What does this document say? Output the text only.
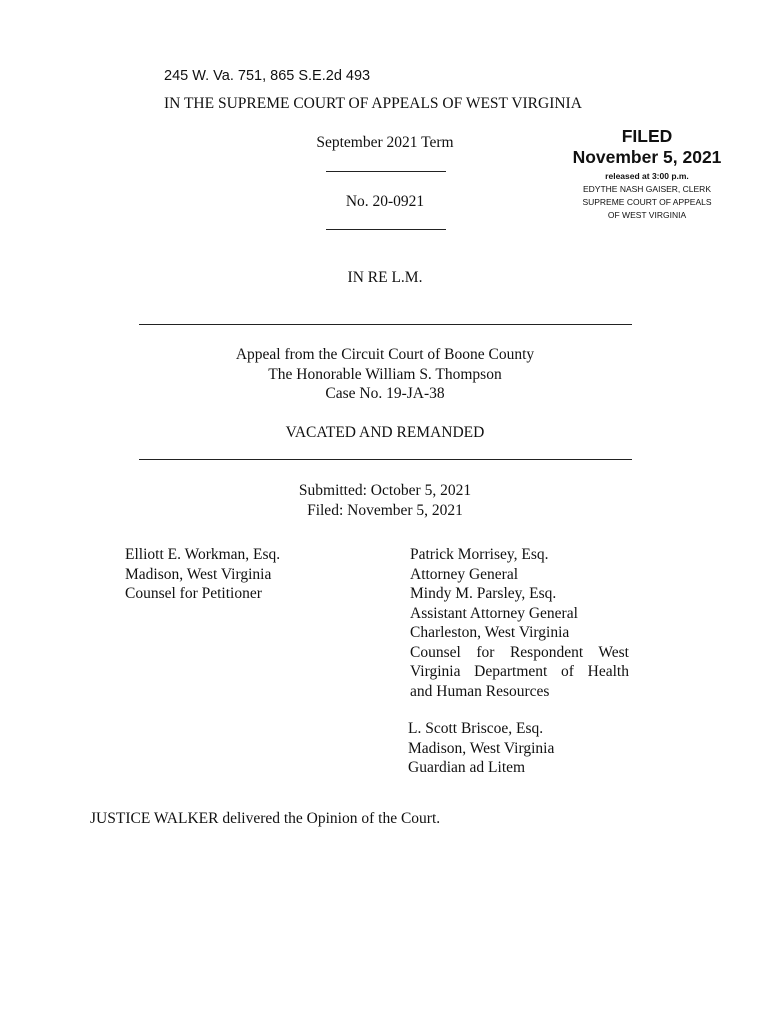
245 W. Va. 751, 865 S.E.2d 493
IN THE SUPREME COURT OF APPEALS OF WEST VIRGINIA
September 2021 Term
No. 20-0921
FILED
November 5, 2021
released at 3:00 p.m.
EDYTHE NASH GAISER, CLERK
SUPREME COURT OF APPEALS
OF WEST VIRGINIA
IN RE L.M.
Appeal from the Circuit Court of Boone County
The Honorable William S. Thompson
Case No. 19-JA-38
VACATED AND REMANDED
Submitted: October 5, 2021
Filed: November 5, 2021
Elliott E. Workman, Esq.
Madison, West Virginia
Counsel for Petitioner
Patrick Morrisey, Esq.
Attorney General
Mindy M. Parsley, Esq.
Assistant Attorney General
Charleston, West Virginia
Counsel for Respondent West
Virginia Department of Health
and Human Resources
L. Scott Briscoe, Esq.
Madison, West Virginia
Guardian ad Litem
JUSTICE WALKER delivered the Opinion of the Court.
